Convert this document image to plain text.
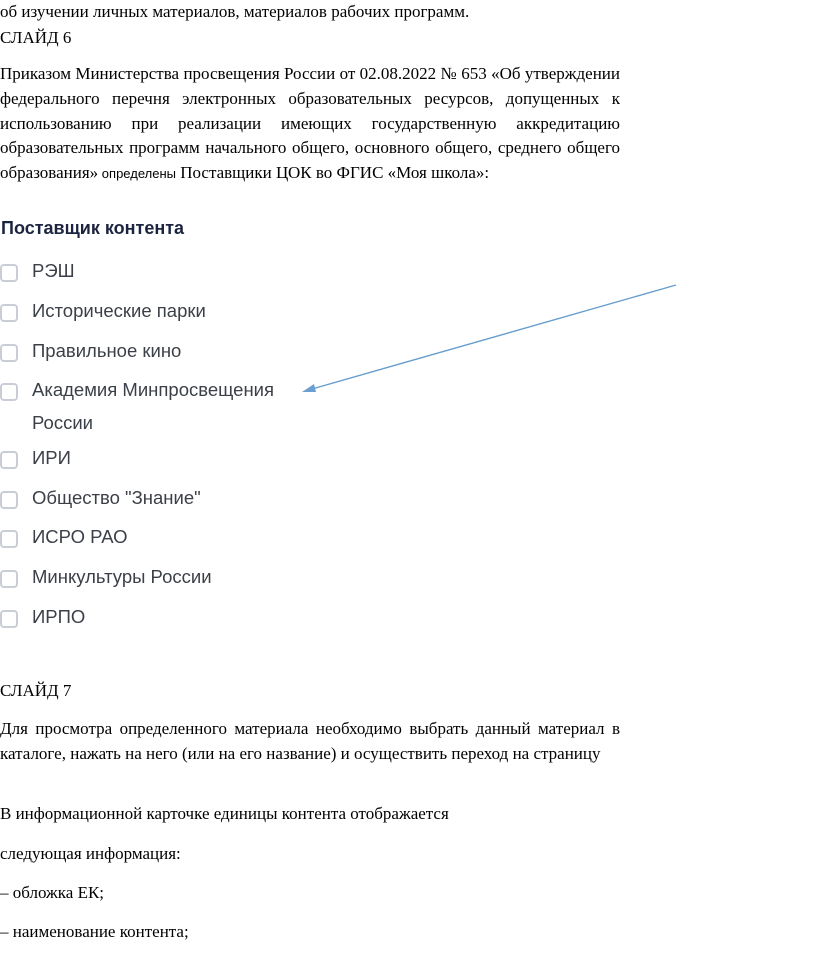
об изучении личных материалов, материалов рабочих программ.
СЛАЙД 6
Приказом Министерства просвещения России от 02.08.2022 № 653 «Об утверждении федерального перечня электронных образовательных ресурсов, допущенных к использованию при реализации имеющих государственную аккредитацию образовательных программ начального общего, основного общего, среднего общего образования» определены Поставщики ЦОК во ФГИС «Моя школа»:
Поставщик контента
РЭШ
Исторические парки
Правильное кино
Академия Минпросвещения России
ИРИ
Общество "Знание"
ИСРО РАО
Минкультуры России
ИРПО
СЛАЙД 7
Для просмотра определенного материала необходимо выбрать данный материал в каталоге, нажать на него (или на его название) и осуществить переход на страницу
В информационной карточке единицы контента отображается
следующая информация:
– обложка ЕК;
– наименование контента;
